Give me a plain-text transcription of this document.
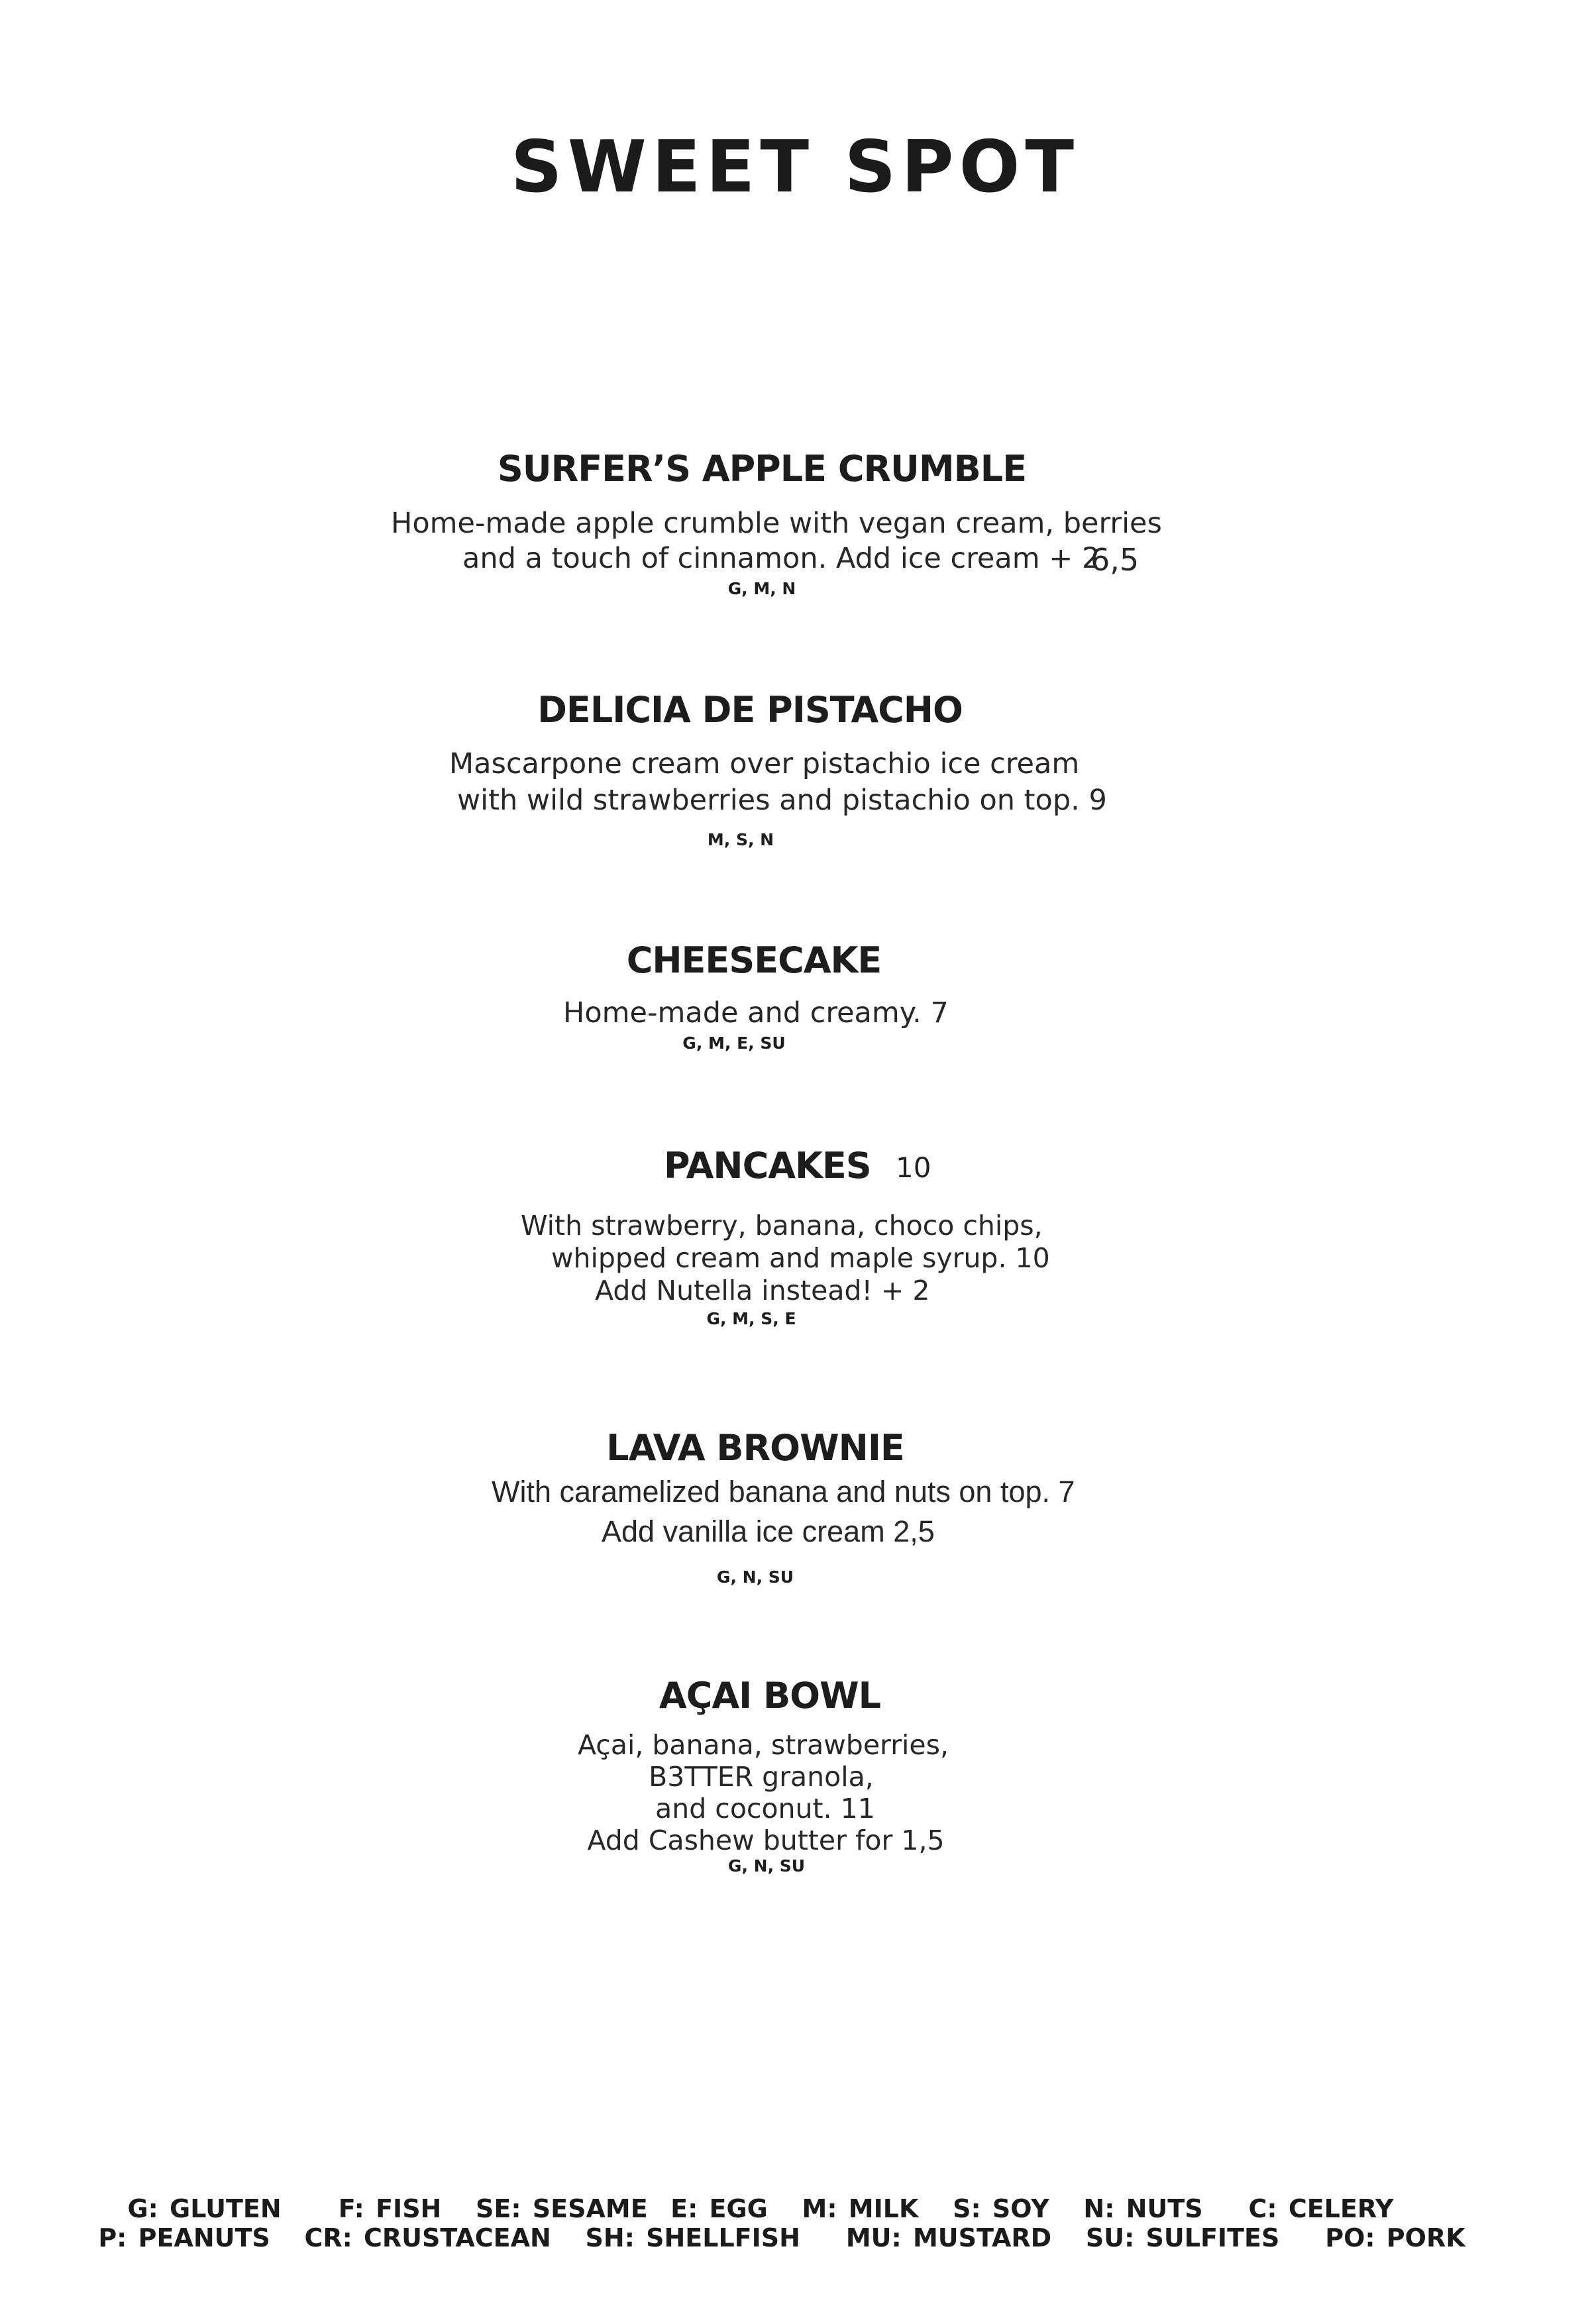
SWEET SPOT
SURFER’S APPLE CRUMBLE
Home-made apple crumble with vegan cream, berries
and a touch of cinnamon. Add ice cream + 2
6,5
G, M, N
DELICIA DE PISTACHO
Mascarpone cream over pistachio ice cream
with wild strawberries and pistachio on top. 9
M, S, N
CHEESECAKE
Home-made and creamy. 7
G, M, E, SU
PANCAKES 10
With strawberry, banana, choco chips,
whipped cream and maple syrup. 10
Add Nutella instead! + 2
G, M, S, E
LAVA BROWNIE
With caramelized banana and nuts on top. 7
Add vanilla ice cream 2,5
G, N, SU
AÇAI BOWL
Açai, banana, strawberries,
B3TTER granola,
and coconut. 11
Add Cashew butter for 1,5
G, N, SU
G: GLUTEN     F: FISH   SE: SESAME  E: EGG   M: MILK   S: SOY   N: NUTS    C: CELERY
P: PEANUTS   CR: CRUSTACEAN   SH: SHELLFISH    MU: MUSTARD   SU: SULFITES    PO: PORK
